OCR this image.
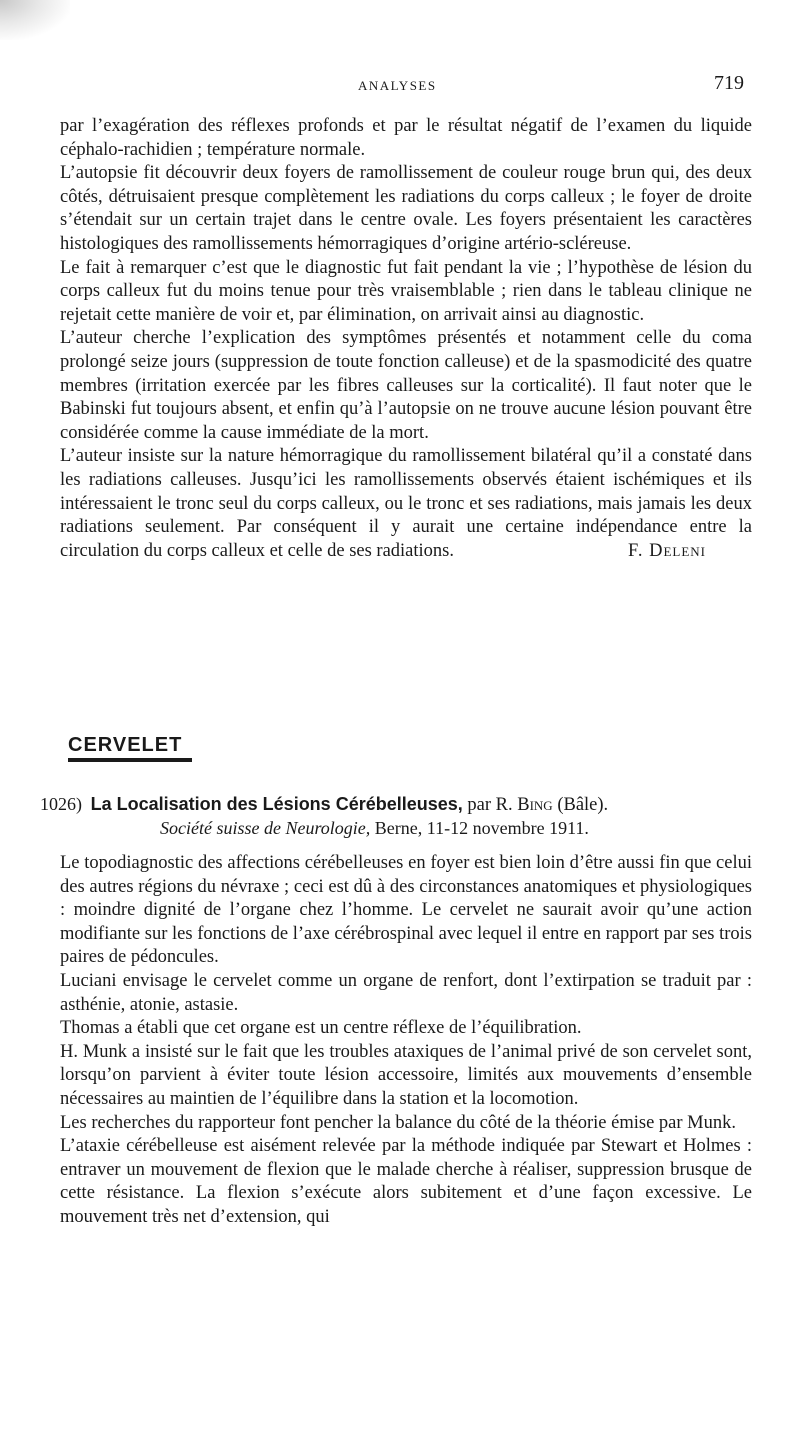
ANALYSES	719

par l’exagération des réflexes profonds et par le résultat négatif de l’examen du liquide céphalo-rachidien ; température normale.

L’autopsie fit découvrir deux foyers de ramollissement de couleur rouge brun qui, des deux côtés, détruisaient presque complètement les radiations du corps calleux ; le foyer de droite s’étendait sur un certain trajet dans le centre ovale. Les foyers présentaient les caractères histologiques des ramollissements hémorragiques d’origine artério-scléreuse.

Le fait à remarquer c’est que le diagnostic fut fait pendant la vie ; l’hypothèse de lésion du corps calleux fut du moins tenue pour très vraisemblable ; rien dans le tableau clinique ne rejetait cette manière de voir et, par élimination, on arrivait ainsi au diagnostic.

L’auteur cherche l’explication des symptômes présentés et notamment celle du coma prolongé seize jours (suppression de toute fonction calleuse) et de la spasmodicité des quatre membres (irritation exercée par les fibres calleuses sur la corticalité). Il faut noter que le Babinski fut toujours absent, et enfin qu’à l’autopsie on ne trouve aucune lésion pouvant être considérée comme la cause immédiate de la mort.

L’auteur insiste sur la nature hémorragique du ramollissement bilatéral qu’il a constaté dans les radiations calleuses. Jusqu’ici les ramollissements observés étaient ischémiques et ils intéressaient le tronc seul du corps calleux, ou le tronc et ses radiations, mais jamais les deux radiations seulement. Par conséquent il y aurait une certaine indépendance entre la circulation du corps calleux et celle de ses radiations.	F. Deleni
CERVELET
1026) La Localisation des Lésions Cérébelleuses, par R. Bing (Bâle).
Société suisse de Neurologie, Berne, 11-12 novembre 1911.

Le topodiagnostic des affections cérébelleuses en foyer est bien loin d’être aussi fin que celui des autres régions du névraxe ; ceci est dû à des circonstances anatomiques et physiologiques : moindre dignité de l’organe chez l’homme. Le cervelet ne saurait avoir qu’une action modifiante sur les fonctions de l’axe cérébrospinal avec lequel il entre en rapport par ses trois paires de pédoncules.

Luciani envisage le cervelet comme un organe de renfort, dont l’extirpation se traduit par : asthénie, atonie, astasie.

Thomas a établi que cet organe est un centre réflexe de l’équilibration.

H. Munk a insisté sur le fait que les troubles ataxiques de l’animal privé de son cervelet sont, lorsqu’on parvient à éviter toute lésion accessoire, limités aux mouvements d’ensemble nécessaires au maintien de l’équilibre dans la station et la locomotion.

Les recherches du rapporteur font pencher la balance du côté de la théorie émise par Munk.

L’ataxie cérébelleuse est aisément relevée par la méthode indiquée par Stewart et Holmes : entraver un mouvement de flexion que le malade cherche à réaliser, suppression brusque de cette résistance. La flexion s’exécute alors subitement et d’une façon excessive. Le mouvement très net d’extension, qui
